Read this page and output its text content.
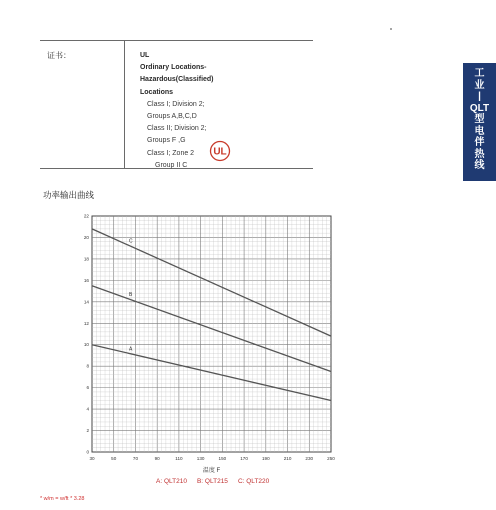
证书：	UL
Ordinary Locations-
Hazardous(Classified)
Locations
Class I; Division 2;
Groups A,B,C,D
Class II; Division 2;
Groups F ,G
Class I; Zone 2
Group II C
UL
工
业
|
QLT
型
电
伴
热
线
功率输出曲线
30	50	70	90	110	130	150	170	190	210	230	250
0
2
4
6
8
10
12
14
16
18
20
22
C
B
A
温度 F
A: QLT210 B: QLT215 C: QLT220
* w/m = w/ft * 3.28
